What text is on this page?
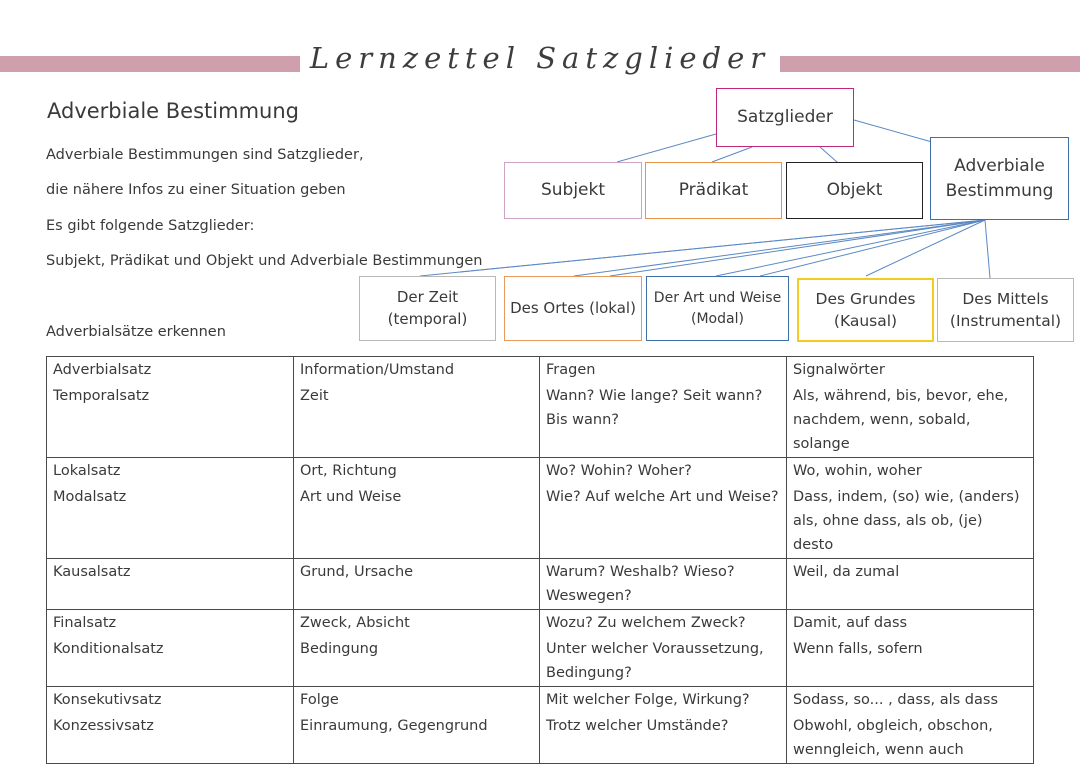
Lernzettel Satzglieder
Adverbiale Bestimmung
Adverbiale Bestimmungen sind Satzglieder,
die nähere Infos zu einer Situation geben
Es gibt folgende Satzglieder:
Subjekt, Prädikat und Objekt und Adverbiale Bestimmungen
Adverbialsätze erkennen
Satzglieder
Subjekt	Prädikat	Objekt
Adverbiale
Bestimmung
Der Zeit
(temporal)
Des Ortes (lokal)
Der Art und Weise
(Modal)
Des Grundes
(Kausal)
Des Mittels
(Instrumental)
Adverbialsatz	Information/Umstand	Fragen	Signalwörter
Temporalsatz	Zeit	Wann? Wie lange? Seit wann? Bis wann?	Als, während, bis, bevor, ehe, nachdem, wenn, sobald, solange
Lokalsatz	Ort, Richtung	Wo? Wohin? Woher?	Wo, wohin, woher
Modalsatz	Art und Weise	Wie? Auf welche Art und Weise?	Dass, indem, (so) wie, (anders) als, ohne dass, als ob, (je) desto
Kausalsatz	Grund, Ursache	Warum? Weshalb? Wieso? Weswegen?	Weil, da zumal
Finalsatz	Zweck, Absicht	Wozu? Zu welchem Zweck?	Damit, auf dass
Konditionalsatz	Bedingung	Unter welcher Voraussetzung, Bedingung?	Wenn falls, sofern
Konsekutivsatz	Folge	Mit welcher Folge, Wirkung?	Sodass, so... , dass, als dass
Konzessivsatz	Einraumung, Gegengrund	Trotz welcher Umstände?	Obwohl, obgleich, obschon, wenngleich, wenn auch
